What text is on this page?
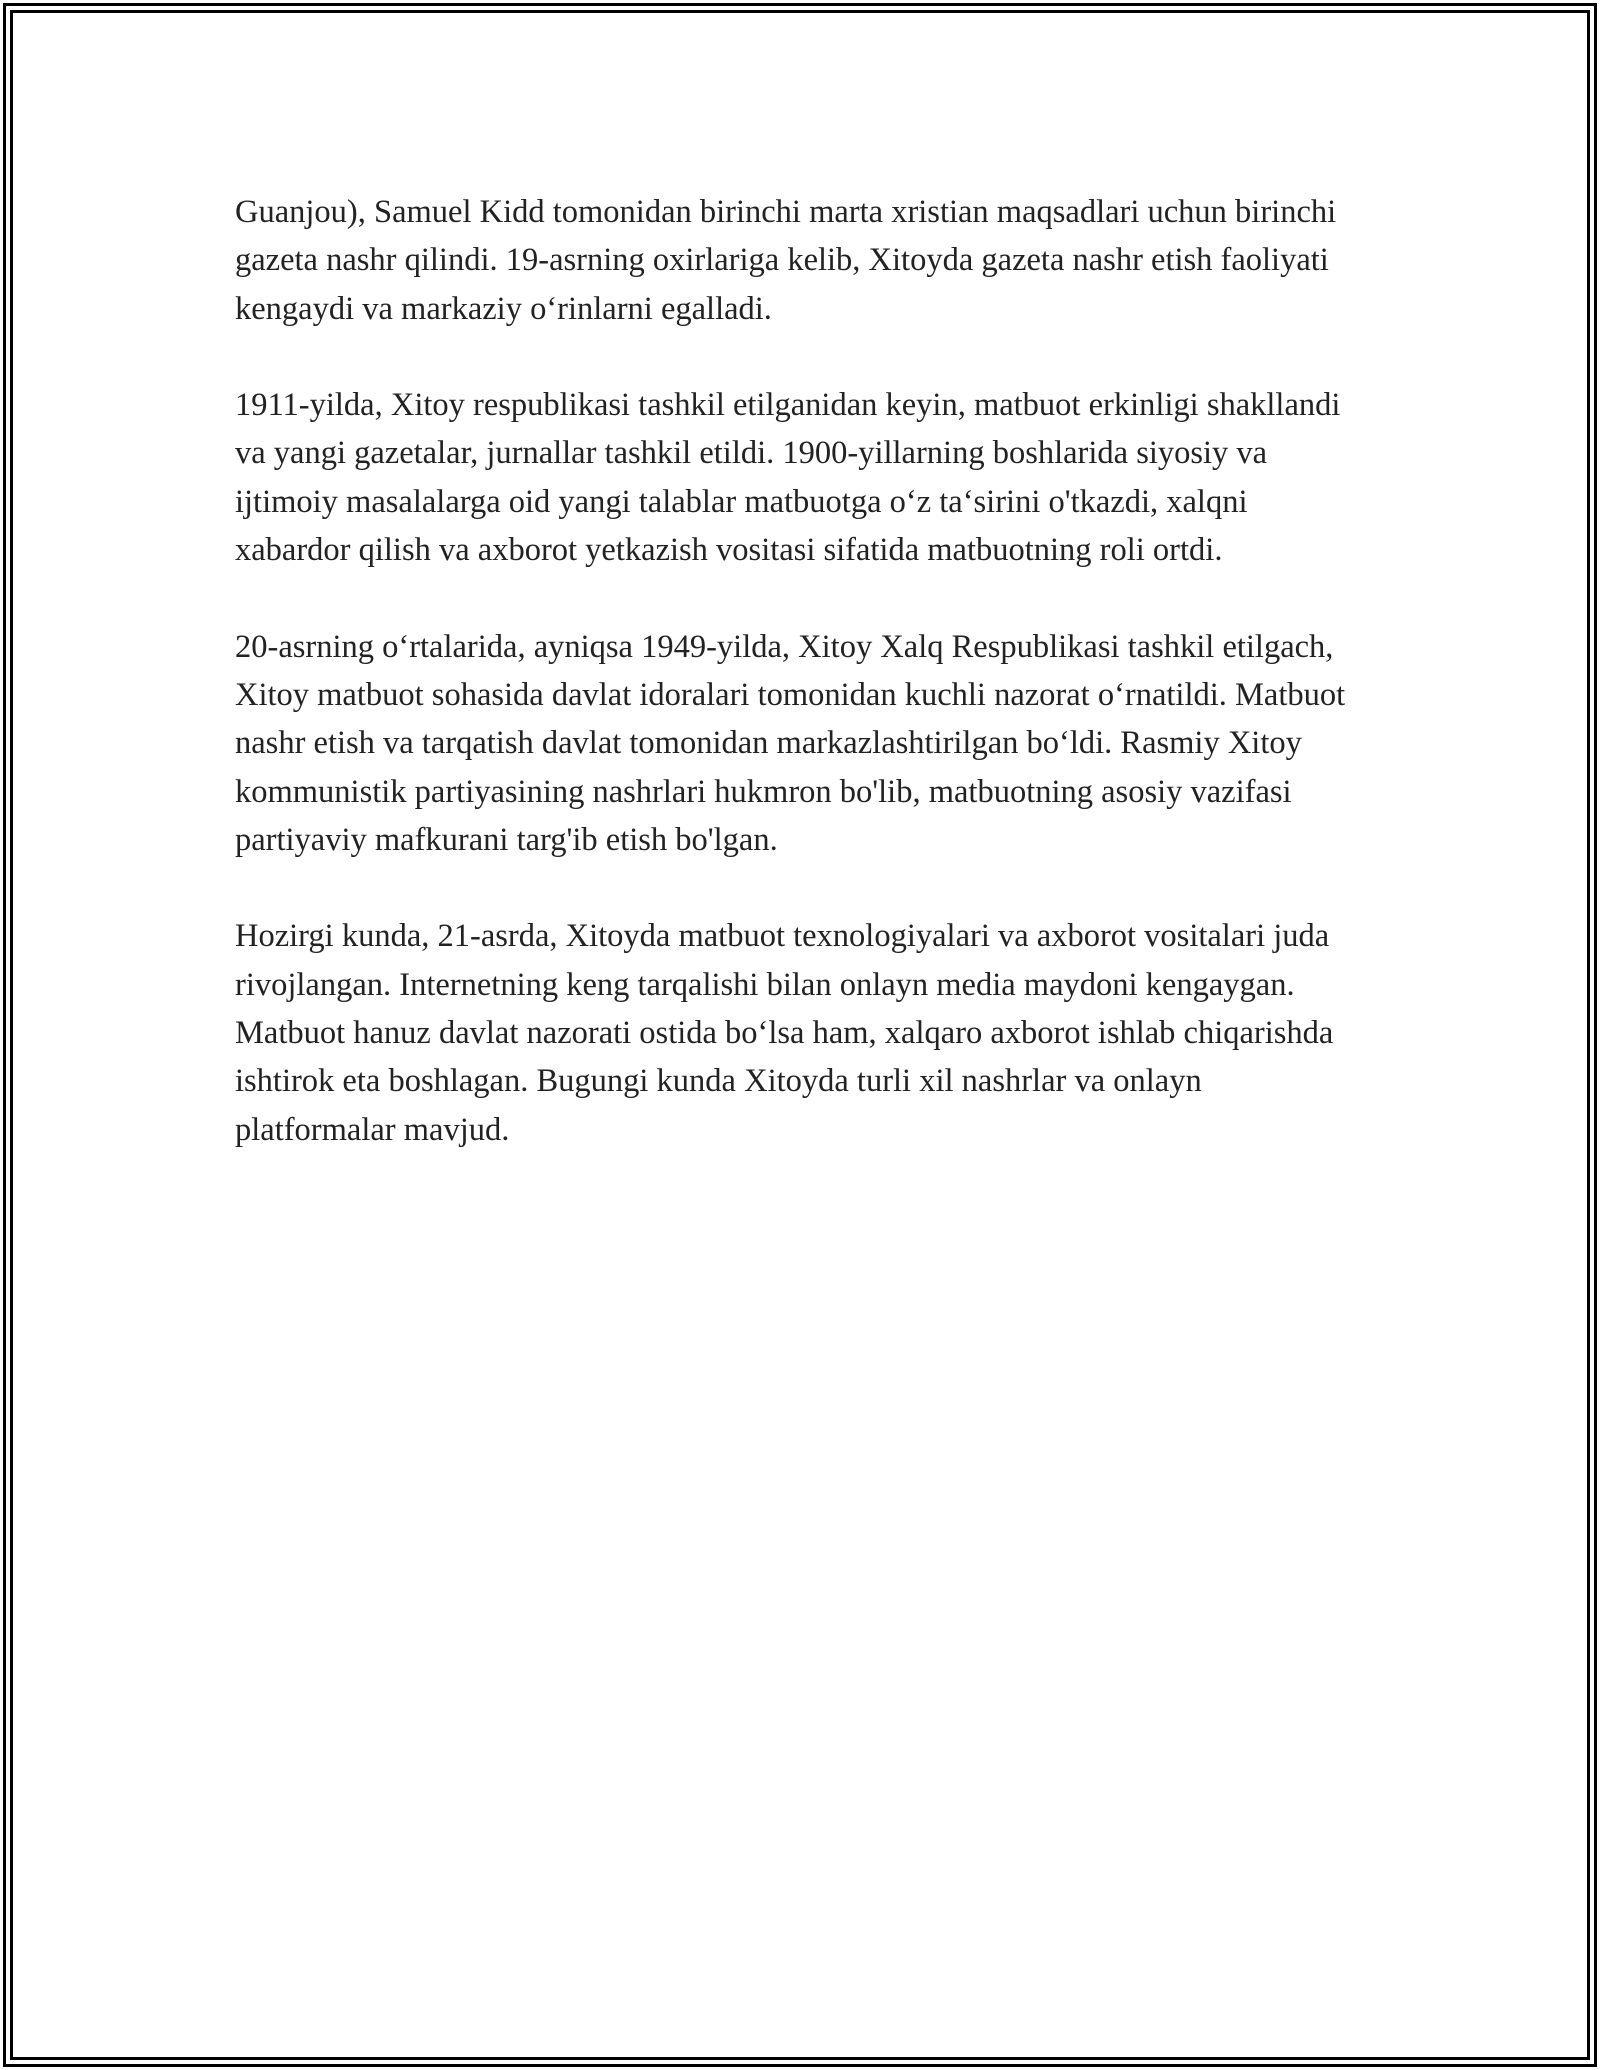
Guanjou), Samuel Kidd tomonidan birinchi marta xristian maqsadlari uchun birinchi gazeta nashr qilindi. 19-asrning oxirlariga kelib, Xitoyda gazeta nashr etish faoliyati kengaydi va markaziy o‘rinlarni egalladi.

1911-yilda, Xitoy respublikasi tashkil etilganidan keyin, matbuot erkinligi shakllandi va yangi gazetalar, jurnallar tashkil etildi. 1900-yillarning boshlarida siyosiy va ijtimoiy masalalarga oid yangi talablar matbuotga o‘z ta‘sirini o'tkazdi, xalqni xabardor qilish va axborot yetkazish vositasi sifatida matbuotning roli ortdi.

20-asrning o‘rtalarida, ayniqsa 1949-yilda, Xitoy Xalq Respublikasi tashkil etilgach, Xitoy matbuot sohasida davlat idoralari tomonidan kuchli nazorat o‘rnatildi. Matbuot nashr etish va tarqatish davlat tomonidan markazlashtirilgan bo‘ldi. Rasmiy Xitoy kommunistik partiyasining nashrlari hukmron bo'lib, matbuotning asosiy vazifasi partiyaviy mafkurani targ'ib etish bo'lgan.

Hozirgi kunda, 21-asrda, Xitoyda matbuot texnologiyalari va axborot vositalari juda rivojlangan. Internetning keng tarqalishi bilan onlayn media maydoni kengaygan. Matbuot hanuz davlat nazorati ostida bo‘lsa ham, xalqaro axborot ishlab chiqarishda ishtirok eta boshlagan. Bugungi kunda Xitoyda turli xil nashrlar va onlayn platformalar mavjud.
